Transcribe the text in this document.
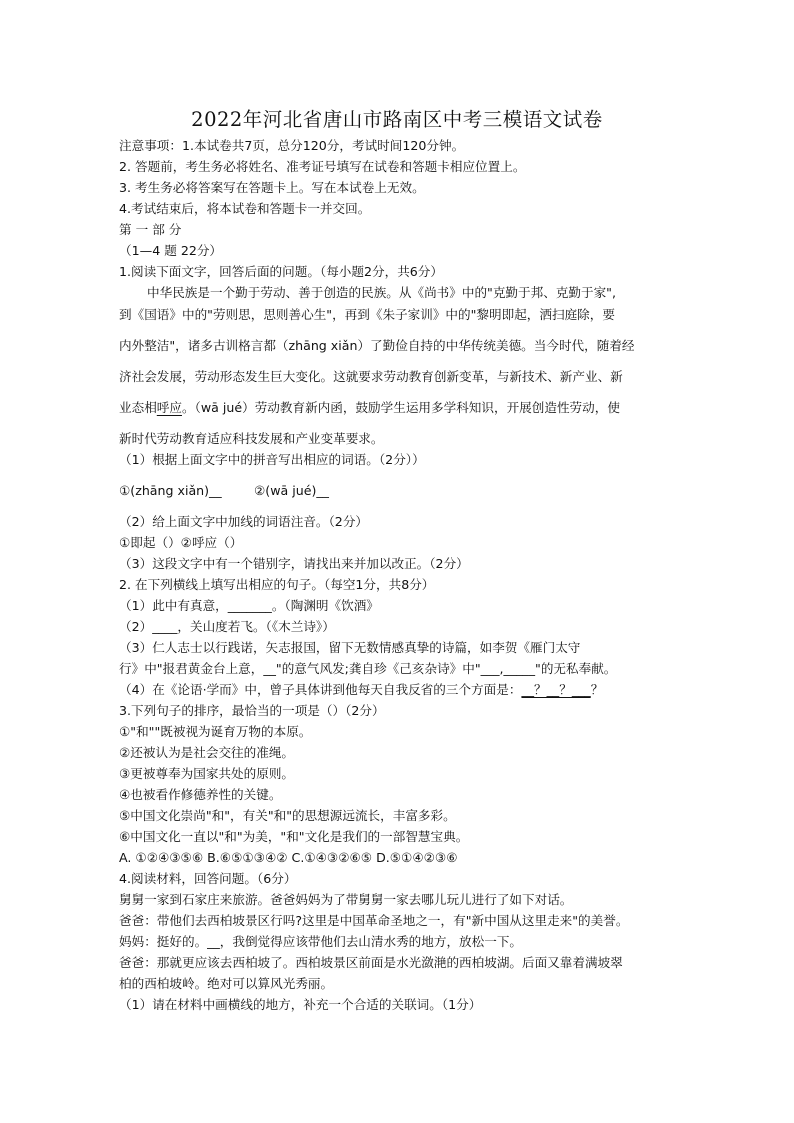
2022年河北省唐山市路南区中考三模语文试卷
注意事项：1.本试卷共7页，总分120分，考试时间120分钟。
2. 答题前，考生务必将姓名、准考证号填写在试卷和答题卡相应位置上。
3. 考生务必将答案写在答题卡上。写在本试卷上无效。
4.考试结束后，将本试卷和答题卡一并交回。
第 一 部 分
（1—4 题 22分）
1.阅读下面文字，回答后面的问题。（每小题2分，共6分）
中华民族是一个勤于劳动、善于创造的民族。从《尚书》中的"克勤于邦、克勤于家",
到《国语》中的"劳则思，思则善心生"，再到《朱子家训》中的"黎明即起，洒扫庭除，要
内外整洁"，诸多古训格言都（zhāng xiǎn）了勤俭自持的中华传统美德。当今时代，随着经
济社会发展，劳动形态发生巨大变化。这就要求劳动教育创新变革，与新技术、新产业、新
业态相呼应。（wā jué）劳动教育新内函，鼓励学生运用多学科知识，开展创造性劳动，使
新时代劳动教育适应科技发展和产业变革要求。
（1）根据上面文字中的拼音写出相应的词语。（2分））
①(zhāng xiǎn)__	②(wā jué)__
（2）给上面文字中加线的词语注音。（2分）
①即起（）②呼应（）
（3）这段文字中有一个错别字，请找出来并加以改正。（2分）
2. 在下列横线上填写出相应的句子。（每空1分，共8分）
（1）此中有真意，_______。（陶渊明《饮酒》
（2）____，关山度若飞。（《木兰诗》）
（3）仁人志士以行践诺，矢志报国，留下无数情感真挚的诗篇，如李贺《雁门太守
行》中"报君黄金台上意，__"的意气风发;龚自珍《己亥杂诗》中"___,_____"的无私奉献。
（4）在《论语·学而》中，曾子具体讲到他每天自我反省的三个方面是：__？__？___？
3.下列句子的排序，最恰当的一项是（）（2分）
①"和""既被视为诞育万物的本原。
②还被认为是社会交往的准绳。
③更被尊奉为国家共处的原则。
④也被看作修德养性的关键。
⑤中国文化崇尚"和"，有关"和"的思想源远流长，丰富多彩。
⑥中国文化一直以"和"为美，"和"文化是我们的一部智慧宝典。
A. ①②④③⑤⑥ B.⑥⑤①③④② C.①④③②⑥⑤ D.⑤①④②③⑥
4.阅读材料，回答问题。（6分）
舅舅一家到石家庄来旅游。爸爸妈妈为了带舅舅一家去哪儿玩儿进行了如下对话。
爸爸：带他们去西柏坡景区行吗?这里是中国革命圣地之一，有"新中国从这里走来"的美誉。
妈妈：挺好的。__，我倒觉得应该带他们去山清水秀的地方，放松一下。
爸爸：那就更应该去西柏坡了。西柏坡景区前面是水光潋滟的西柏坡湖。后面又靠着满坡翠
柏的西柏坡岭。绝对可以算风光秀丽。
（1）请在材料中画横线的地方，补充一个合适的关联词。（1分）
